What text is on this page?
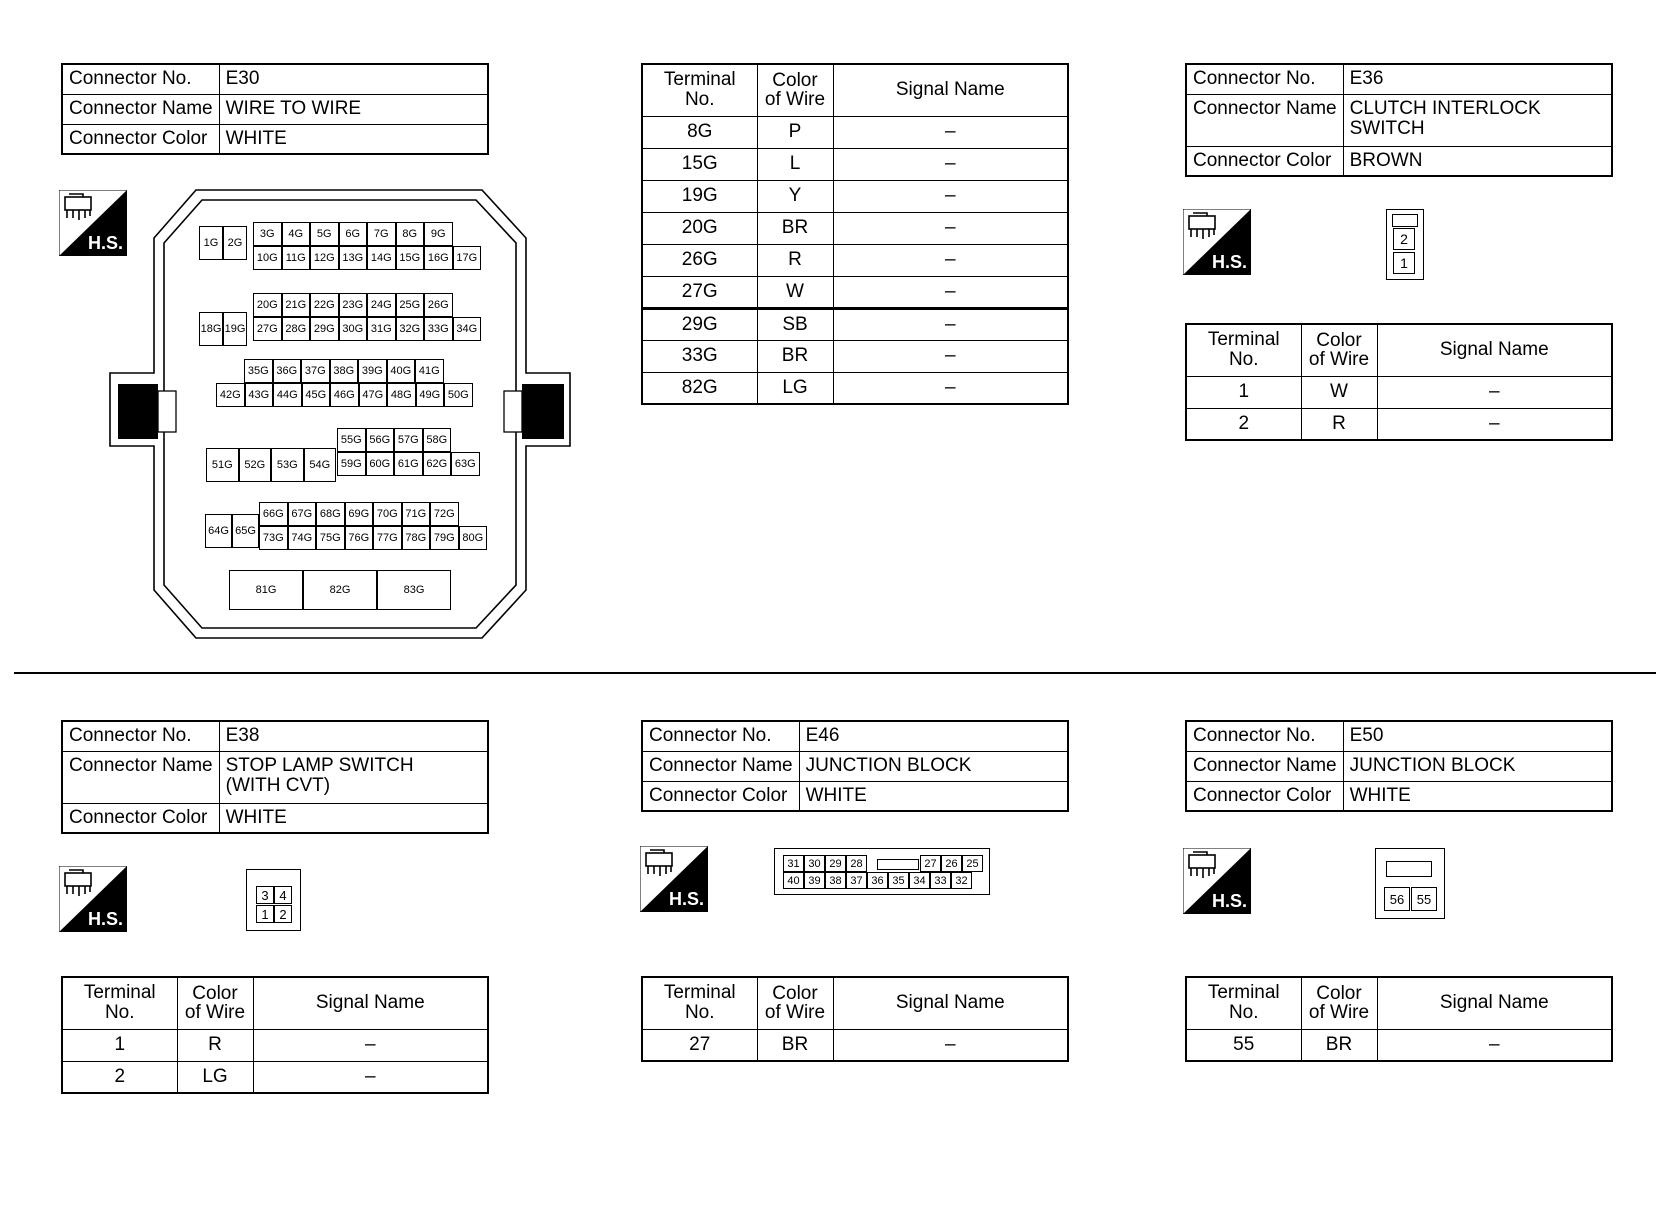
Connector No.	E30
Connector Name	WIRE TO WIRE
Connector Color	WHITE
H.S.	1G 2G
3G	4G	5G	6G	7G	8G	9G
10G 11G 12G 13G 14G 15G 16G 17G
18G 19G
20G 21G 22G 23G 24G 25G 26G
27G 28G 29G 30G 31G 32G 33G 34G
35G 36G 37G 38G 39G 40G 41G
42G 43G 44G 45G 46G 47G 48G 49G 50G
51G	52G	53G	54G
55G 56G 57G 58G
59G 60G 61G 62G 63G
64G 65G
66G 67G 68G 69G 70G 71G 72G
73G 74G 75G 76G 77G 78G 79G 80G
81G	82G	83G
Terminal No.	Color of Wire	Signal Name
8G	P	–
15G	L	–
19G	Y	–
20G	BR	–
26G	R	–
27G	W	–
29G	SB	–
33G	BR	–
82G	LG	–
Connector No.	E36
Connector Name	CLUTCH INTERLOCK
SWITCH
Connector Color	BROWN
H.S.
2
1
Terminal No.	Color of Wire	Signal Name
1	W	–
2	R	–
Connector No.	E38
Connector Name	STOP LAMP SWITCH
(WITH CVT)
Connector Color	WHITE
H.S.
3 4
1 2
Terminal No.	Color of Wire	Signal Name
1	R	–
2	LG	–
Connector No.	E46
Connector Name	JUNCTION BLOCK
Connector Color	WHITE
H.S.
31 30 29 28	27 26 25
40 39 38 37 36 35 34 33 32
Terminal No.	Color of Wire	Signal Name
27	BR	–
Connector No.	E50
Connector Name	JUNCTION BLOCK
Connector Color	WHITE
H.S.	56 55
Terminal No.	Color of Wire	Signal Name
55	BR	–
